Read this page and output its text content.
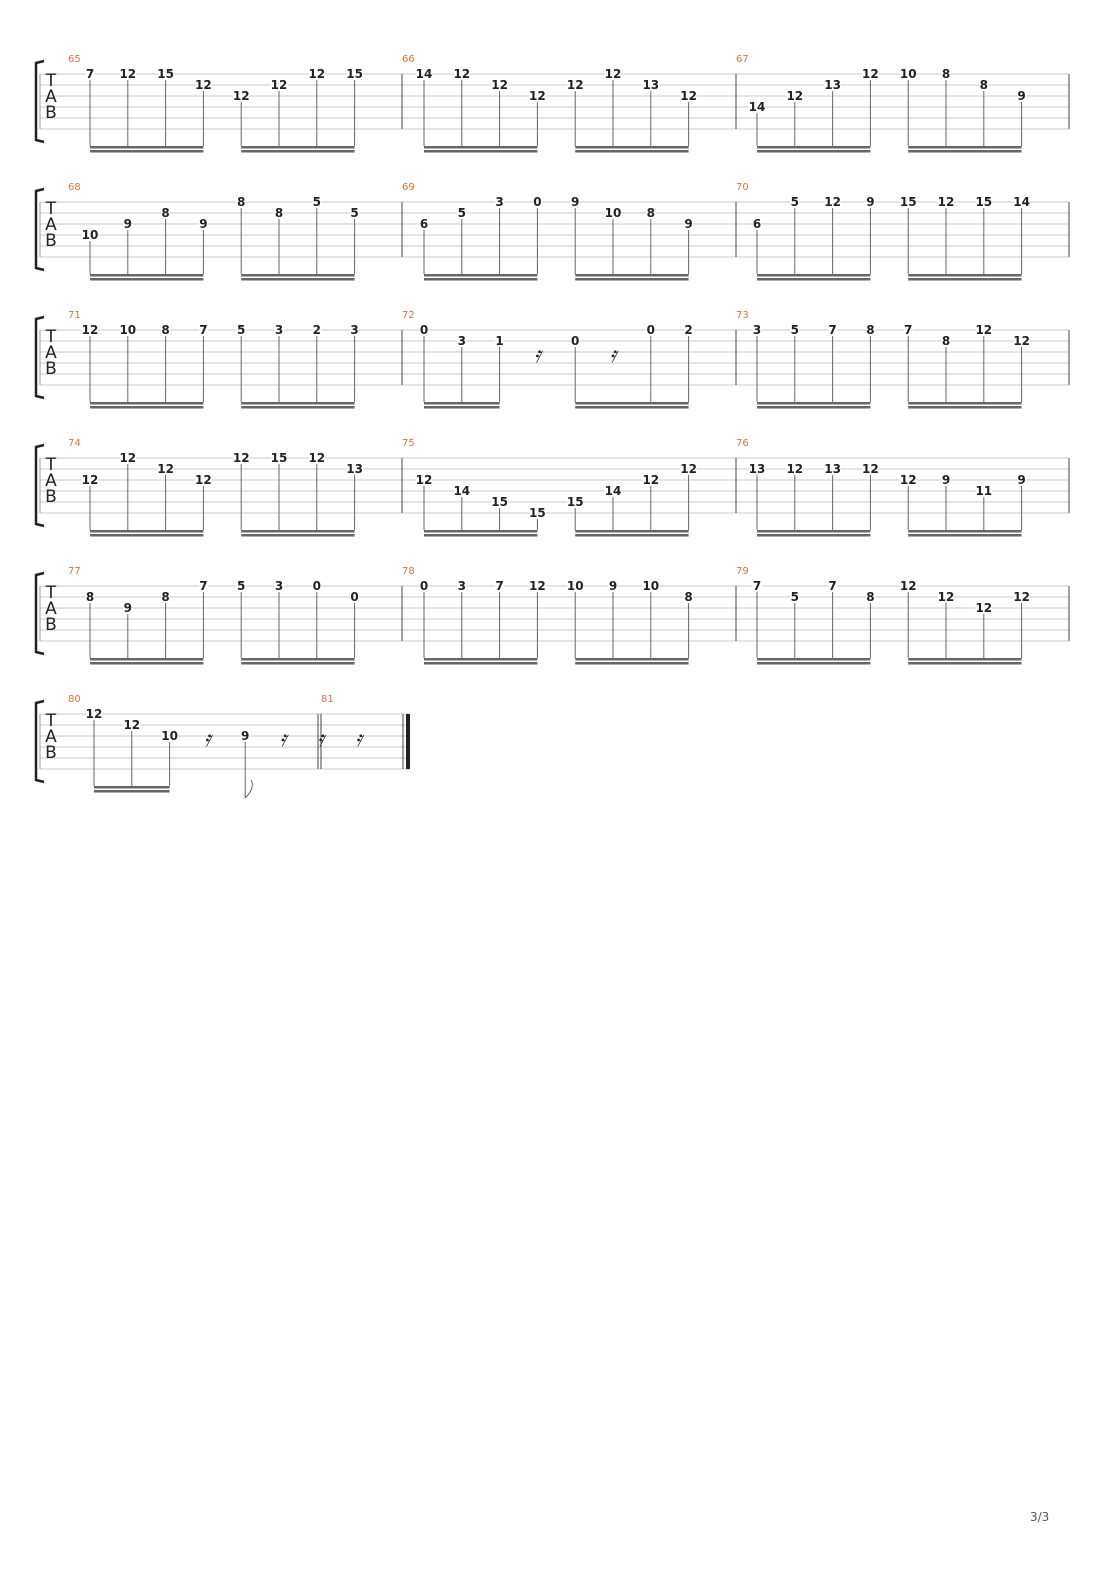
T
A
B
65
7 12 15
12
12
12
12 15
66
14 12
12
12
12
12
13
12
67
14
12
13
12 10 8
8
9
T
A
B
68
10
9
8
9
8
8
5
5
69
6
5
3 0 9
10 8
9
70
6
5 12 9 15 12 15 14
T
A
B
71
12 10 8 7 5 3 2 3
72
0
3 1
𝄿
0
𝄿
0 2
73
3 5 7 8 7
8
12
12
T
A
B
74
12
12
12
12
12 15 12
13
75
12
14
15
15
15
14
12
12
76
13 12 13 12
12 9
11
9
T
A
B
77
8
9
8
7 5 3 0
0
78
0 3 7 12 10 9 10
8
79
7
5
7
8
12
12
12
12
T
A
B
80
12
12
10 𝄿	9 𝄿 𝄿 𝄿
81
3/3
